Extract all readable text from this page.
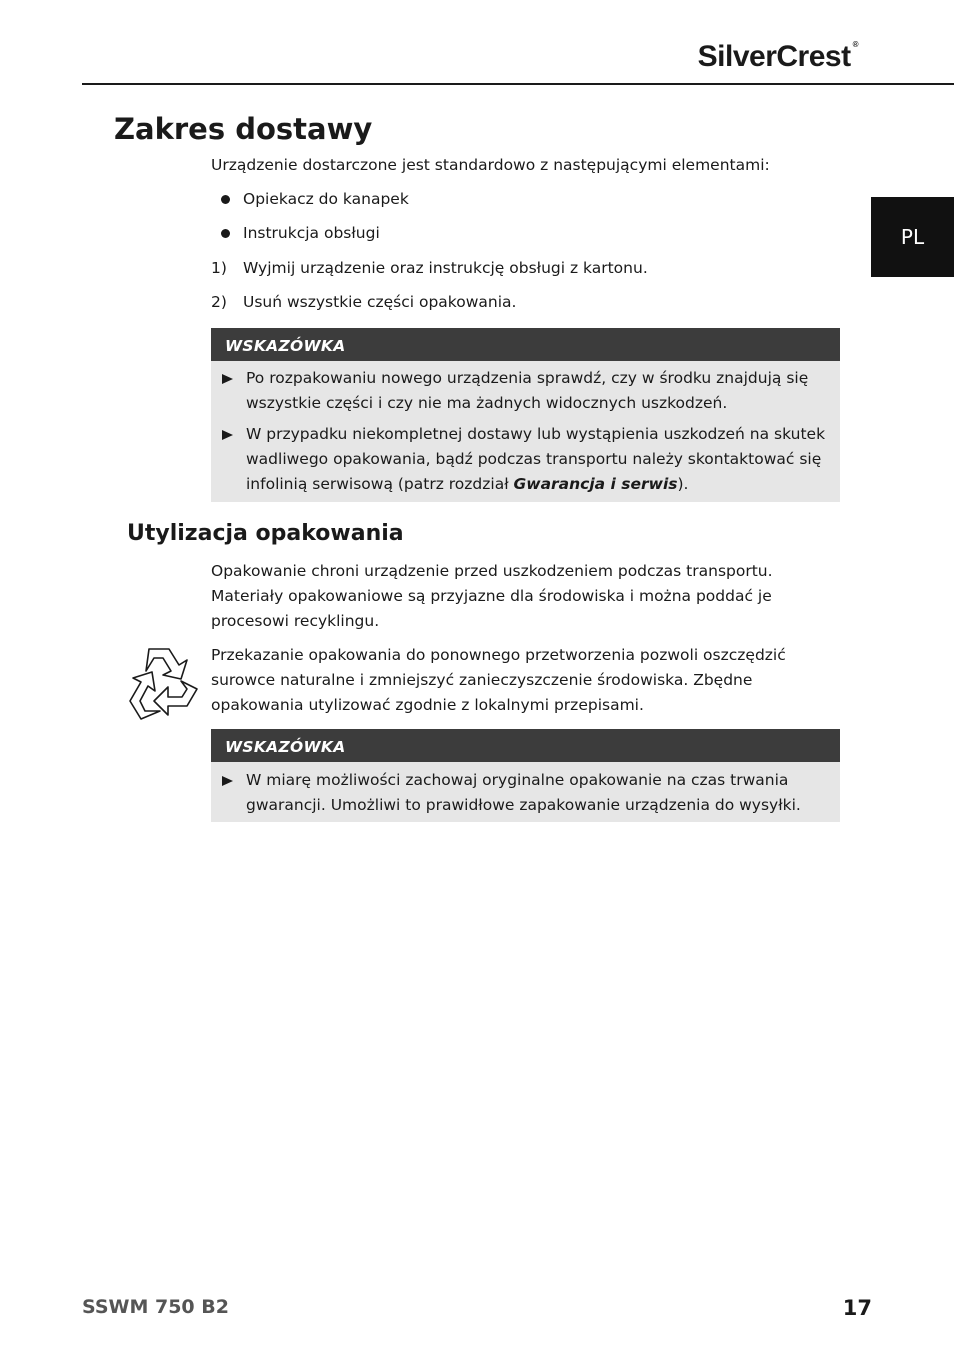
SilverCrest ®
PL
Zakres dostawy

Urządzenie dostarczone jest standardowo z następującymi elementami:

Opiekacz do kanapek
Instrukcja obsługi
1) Wyjmij urządzenie oraz instrukcję obsługi z kartonu.
2) Usuń wszystkie części opakowania.
WSKAZÓWKA
Po rozpakowaniu nowego urządzenia sprawdź, czy w środku znajdują się wszystkie części i czy nie ma żadnych widocznych uszkodzeń.
W przypadku niekompletnej dostawy lub wystąpienia uszkodzeń na skutek wadliwego opakowania, bądź podczas transportu należy skontaktować się infolinią serwisową (patrz rozdział Gwarancja i serwis).
Utylizacja opakowania

Opakowanie chroni urządzenie przed uszkodzeniem podczas transportu. Materiały opakowaniowe są przyjazne dla środowiska i można poddać je procesowi recyklingu.

Przekazanie opakowania do ponownego przetworzenia pozwoli oszczędzić surowce naturalne i zmniejszyć zanieczyszczenie środowiska. Zbędne opakowania utylizować zgodnie z lokalnymi przepisami.

WSKAZÓWKA
W miarę możliwości zachowaj oryginalne opakowanie na czas trwania gwarancji. Umożliwi to prawidłowe zapakowanie urządzenia do wysyłki.
SSWM 750 B2	17
